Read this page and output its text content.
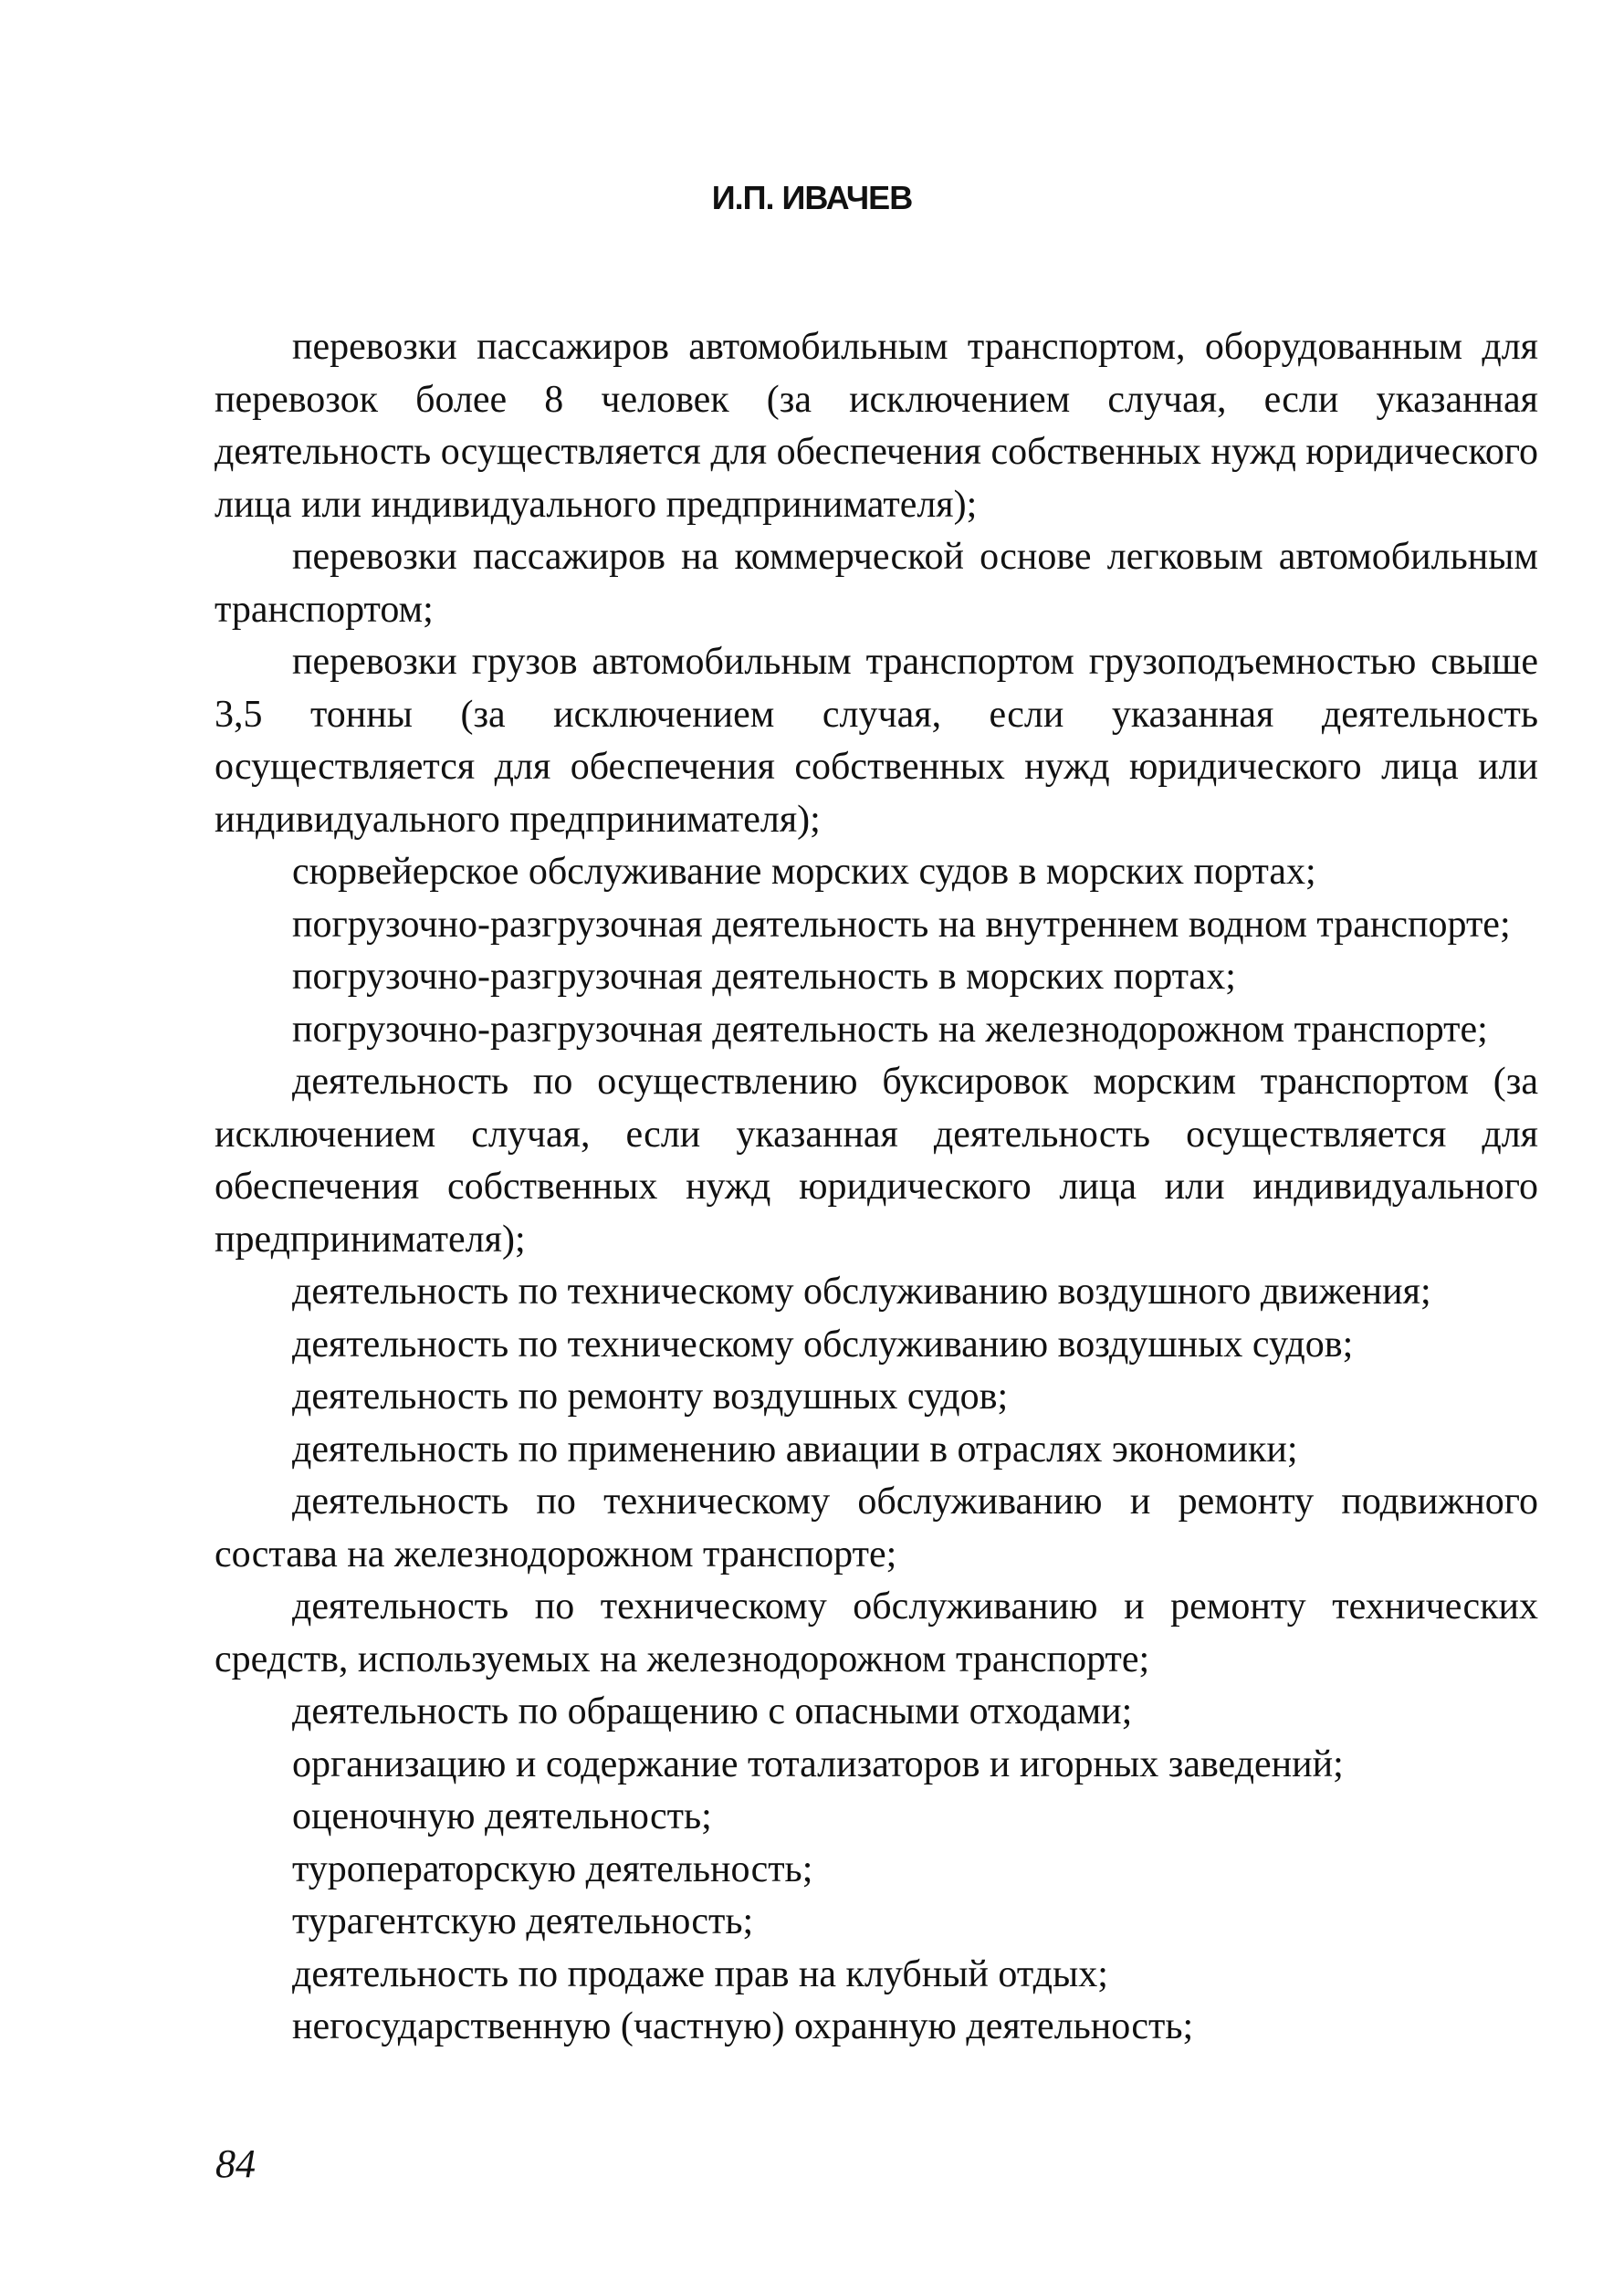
И.П. ИВАЧЕВ

перевозки пассажиров автомобильным транспортом, оборудованным для перевозок более 8 человек (за исключением случая, если указанная деятельность осуществляется для обеспечения собственных нужд юридического лица или индивидуального предпринимателя);

перевозки пассажиров на коммерческой основе легковым автомобильным транспортом;

перевозки грузов автомобильным транспортом грузоподъемностью свыше 3,5 тонны (за исключением случая, если указанная деятельность осуществляется для обеспечения собственных нужд юридического лица или индивидуального предпринимателя);

сюрвейерское обслуживание морских судов в морских портах;

погрузочно-разгрузочная деятельность на внутреннем водном транспорте;

погрузочно-разгрузочная деятельность в морских портах;

погрузочно-разгрузочная деятельность на железнодорожном транспорте;

деятельность по осуществлению буксировок морским транспортом (за исключением случая, если указанная деятельность осуществляется для обеспечения собственных нужд юридического лица или индивидуального предпринимателя);

деятельность по техническому обслуживанию воздушного движения;

деятельность по техническому обслуживанию воздушных судов;

деятельность по ремонту воздушных судов;

деятельность по применению авиации в отраслях экономики;

деятельность по техническому обслуживанию и ремонту подвижного состава на железнодорожном транспорте;

деятельность по техническому обслуживанию и ремонту технических средств, используемых на железнодорожном транспорте;

деятельность по обращению с опасными отходами;

организацию и содержание тотализаторов и игорных заведений;

оценочную деятельность;

туроператорскую деятельность;

турагентскую деятельность;

деятельность по продаже прав на клубный отдых;

негосударственную (частную) охранную деятельность;

84
